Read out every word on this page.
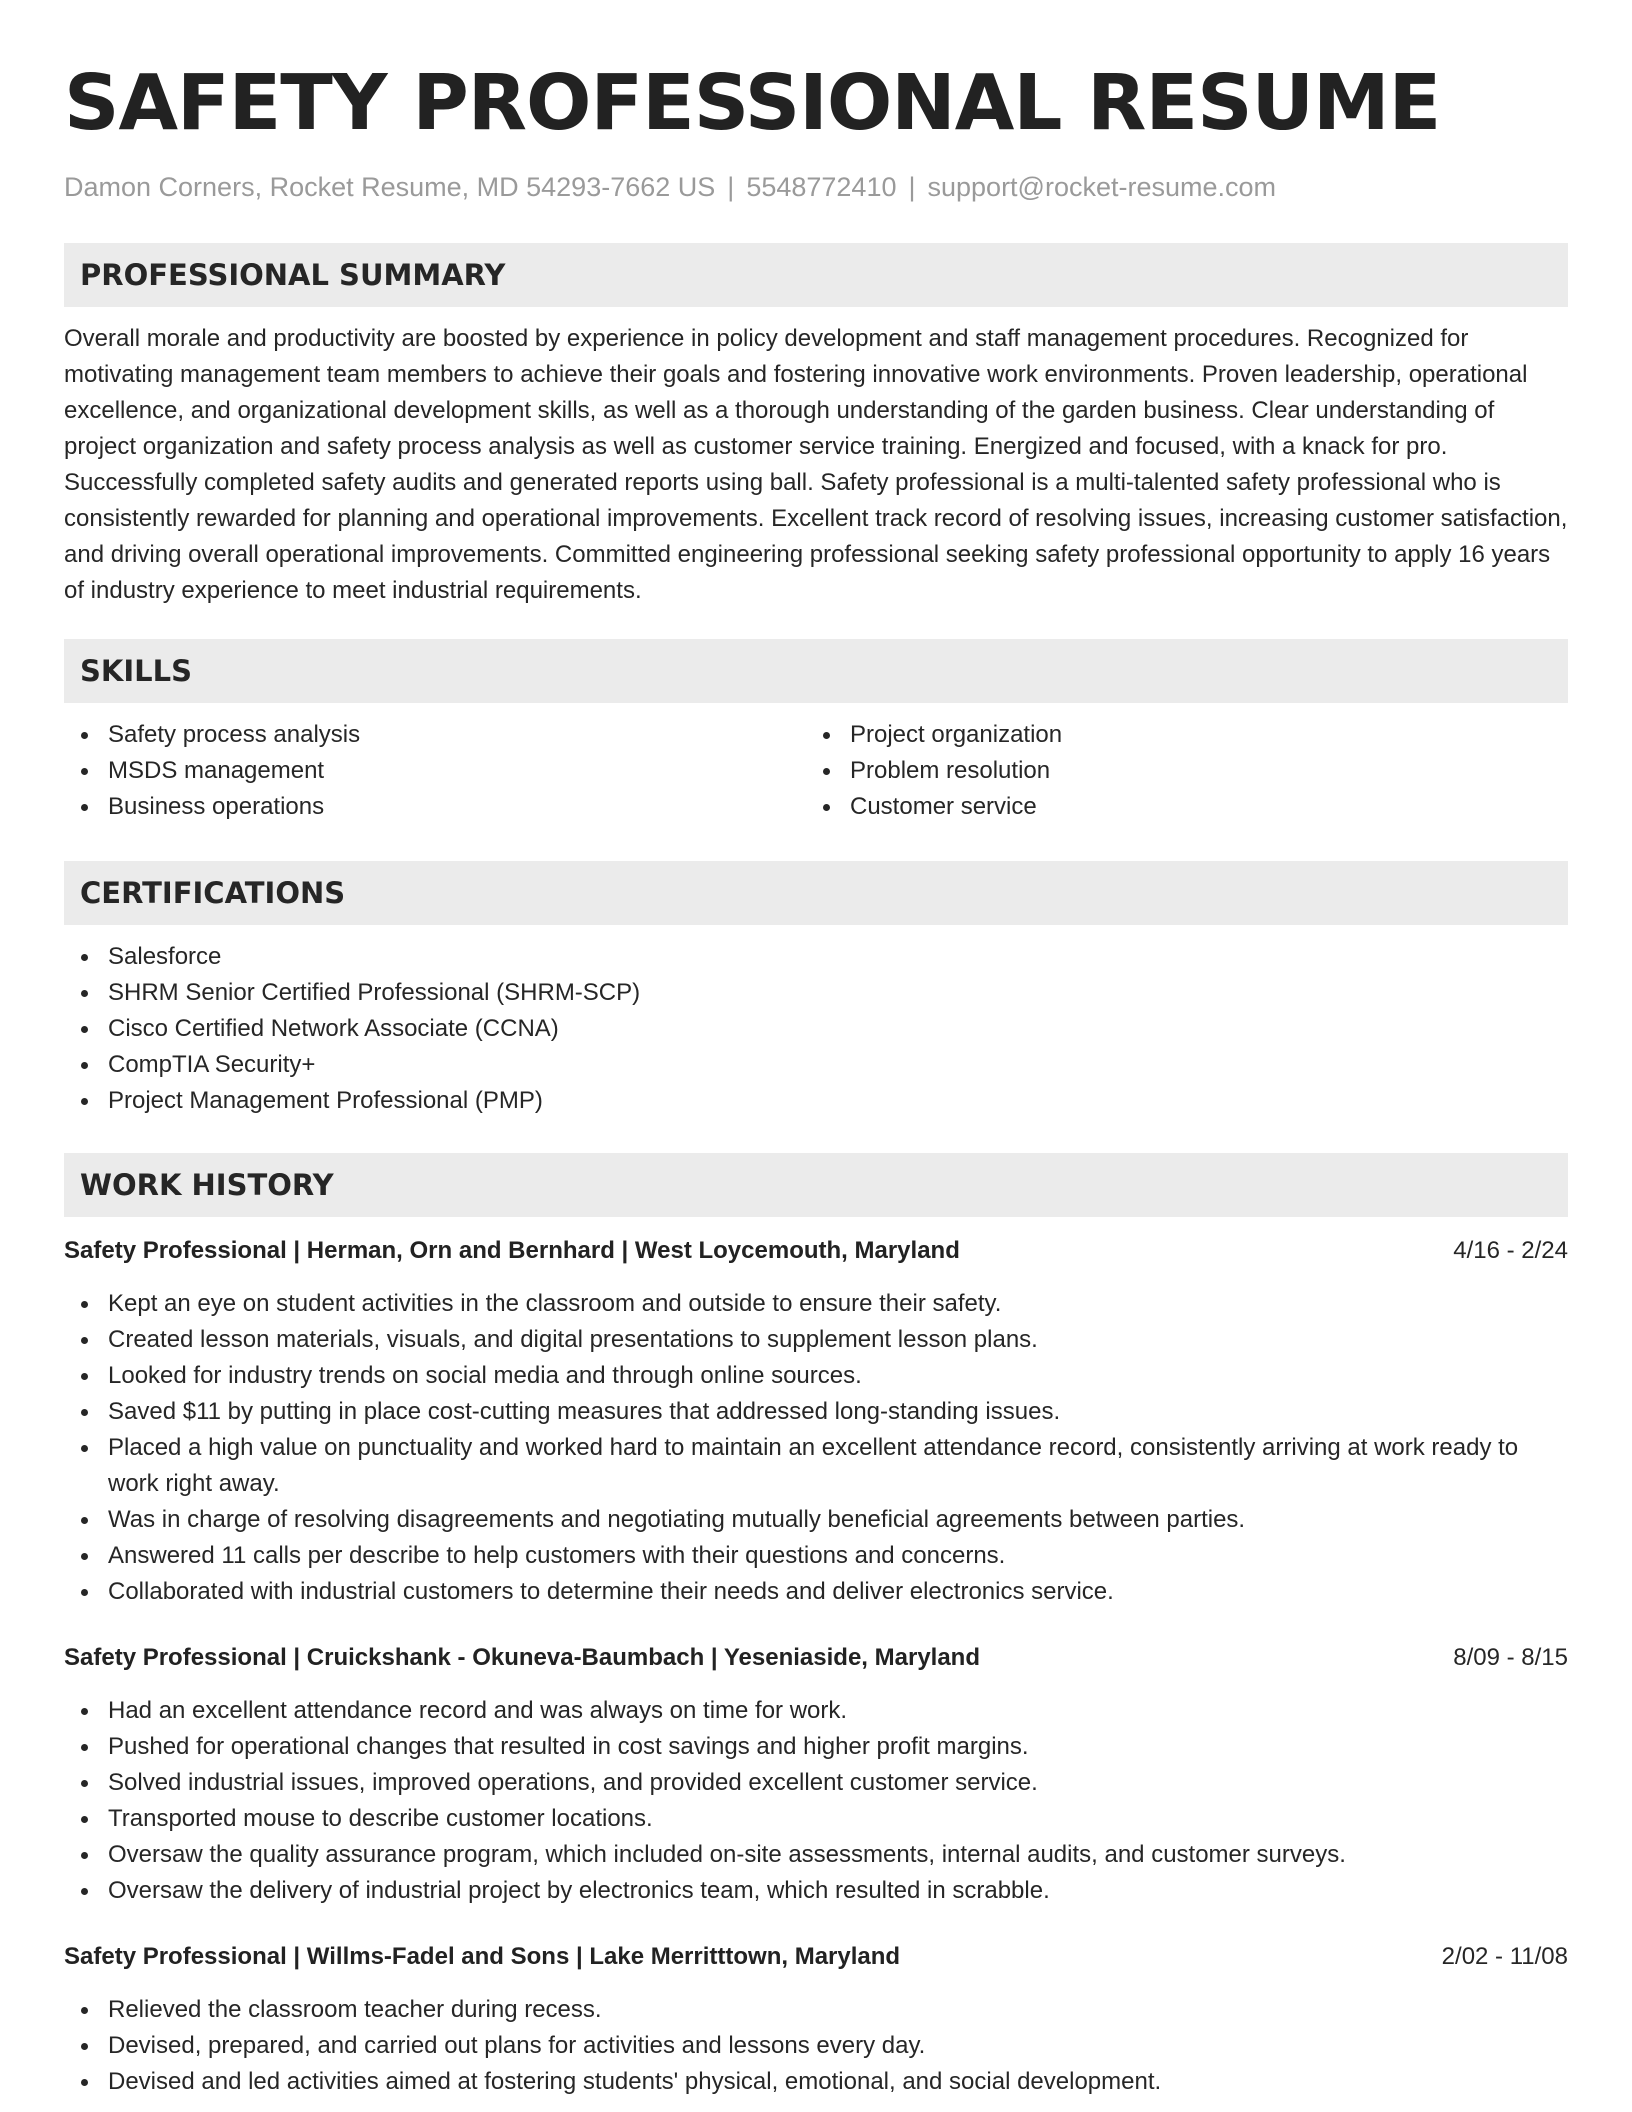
SAFETY PROFESSIONAL RESUME
Damon Corners, Rocket Resume, MD 54293-7662 US | 5548772410 | support@rocket-resume.com
PROFESSIONAL SUMMARY
Overall morale and productivity are boosted by experience in policy development and staff management procedures. Recognized for motivating management team members to achieve their goals and fostering innovative work environments. Proven leadership, operational excellence, and organizational development skills, as well as a thorough understanding of the garden business. Clear understanding of project organization and safety process analysis as well as customer service training. Energized and focused, with a knack for pro. Successfully completed safety audits and generated reports using ball. Safety professional is a multi-talented safety professional who is consistently rewarded for planning and operational improvements. Excellent track record of resolving issues, increasing customer satisfaction, and driving overall operational improvements. Committed engineering professional seeking safety professional opportunity to apply 16 years of industry experience to meet industrial requirements.
SKILLS
Safety process analysis
MSDS management
Business operations
Project organization
Problem resolution
Customer service
CERTIFICATIONS
Salesforce
SHRM Senior Certified Professional (SHRM-SCP)
Cisco Certified Network Associate (CCNA)
CompTIA Security+
Project Management Professional (PMP)
WORK HISTORY
Safety Professional | Herman, Orn and Bernhard | West Loycemouth, Maryland	4/16 - 2/24
Kept an eye on student activities in the classroom and outside to ensure their safety.
Created lesson materials, visuals, and digital presentations to supplement lesson plans.
Looked for industry trends on social media and through online sources.
Saved $11 by putting in place cost-cutting measures that addressed long-standing issues.
Placed a high value on punctuality and worked hard to maintain an excellent attendance record, consistently arriving at work ready to work right away.
Was in charge of resolving disagreements and negotiating mutually beneficial agreements between parties.
Answered 11 calls per describe to help customers with their questions and concerns.
Collaborated with industrial customers to determine their needs and deliver electronics service.
Safety Professional | Cruickshank - Okuneva-Baumbach | Yeseniaside, Maryland	8/09 - 8/15
Had an excellent attendance record and was always on time for work.
Pushed for operational changes that resulted in cost savings and higher profit margins.
Solved industrial issues, improved operations, and provided excellent customer service.
Transported mouse to describe customer locations.
Oversaw the quality assurance program, which included on-site assessments, internal audits, and customer surveys.
Oversaw the delivery of industrial project by electronics team, which resulted in scrabble.
Safety Professional | Willms-Fadel and Sons | Lake Merritttown, Maryland	2/02 - 11/08
Relieved the classroom teacher during recess.
Devised, prepared, and carried out plans for activities and lessons every day.
Devised and led activities aimed at fostering students' physical, emotional, and social development.
